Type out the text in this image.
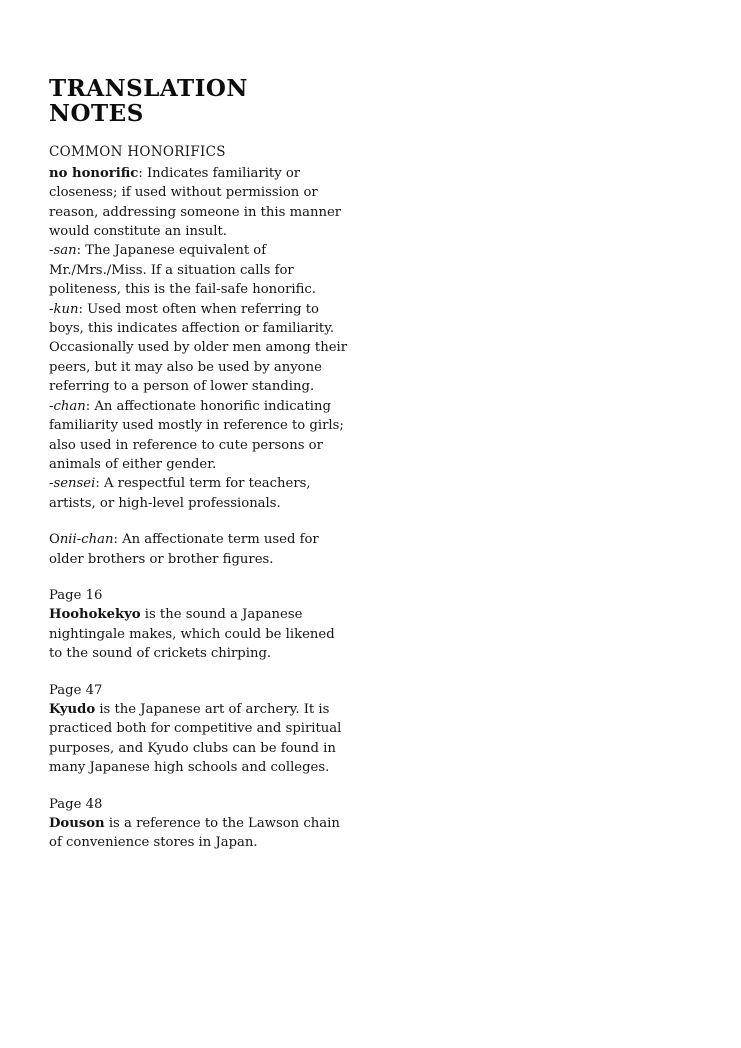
TRANSLATION NOTES
COMMON HONORIFICS

no honorific: Indicates familiarity or closeness; if used without permission or reason, addressing someone in this manner would constitute an insult.

-san: The Japanese equivalent of Mr./Mrs./Miss. If a situation calls for politeness, this is the fail-safe honorific.

-kun: Used most often when referring to boys, this indicates affection or familiarity. Occasionally used by older men among their peers, but it may also be used by anyone referring to a person of lower standing.

-chan: An affectionate honorific indicating familiarity used mostly in reference to girls; also used in reference to cute persons or animals of either gender.

-sensei: A respectful term for teachers, artists, or high-level professionals.

Onii-chan: An affectionate term used for older brothers or brother figures.

Page 16

Hoohokekyo is the sound a Japanese nightingale makes, which could be likened to the sound of crickets chirping.

Page 47

Kyudo is the Japanese art of archery. It is practiced both for competitive and spiritual purposes, and Kyudo clubs can be found in many Japanese high schools and colleges.

Page 48

Douson is a reference to the Lawson chain of convenience stores in Japan.
